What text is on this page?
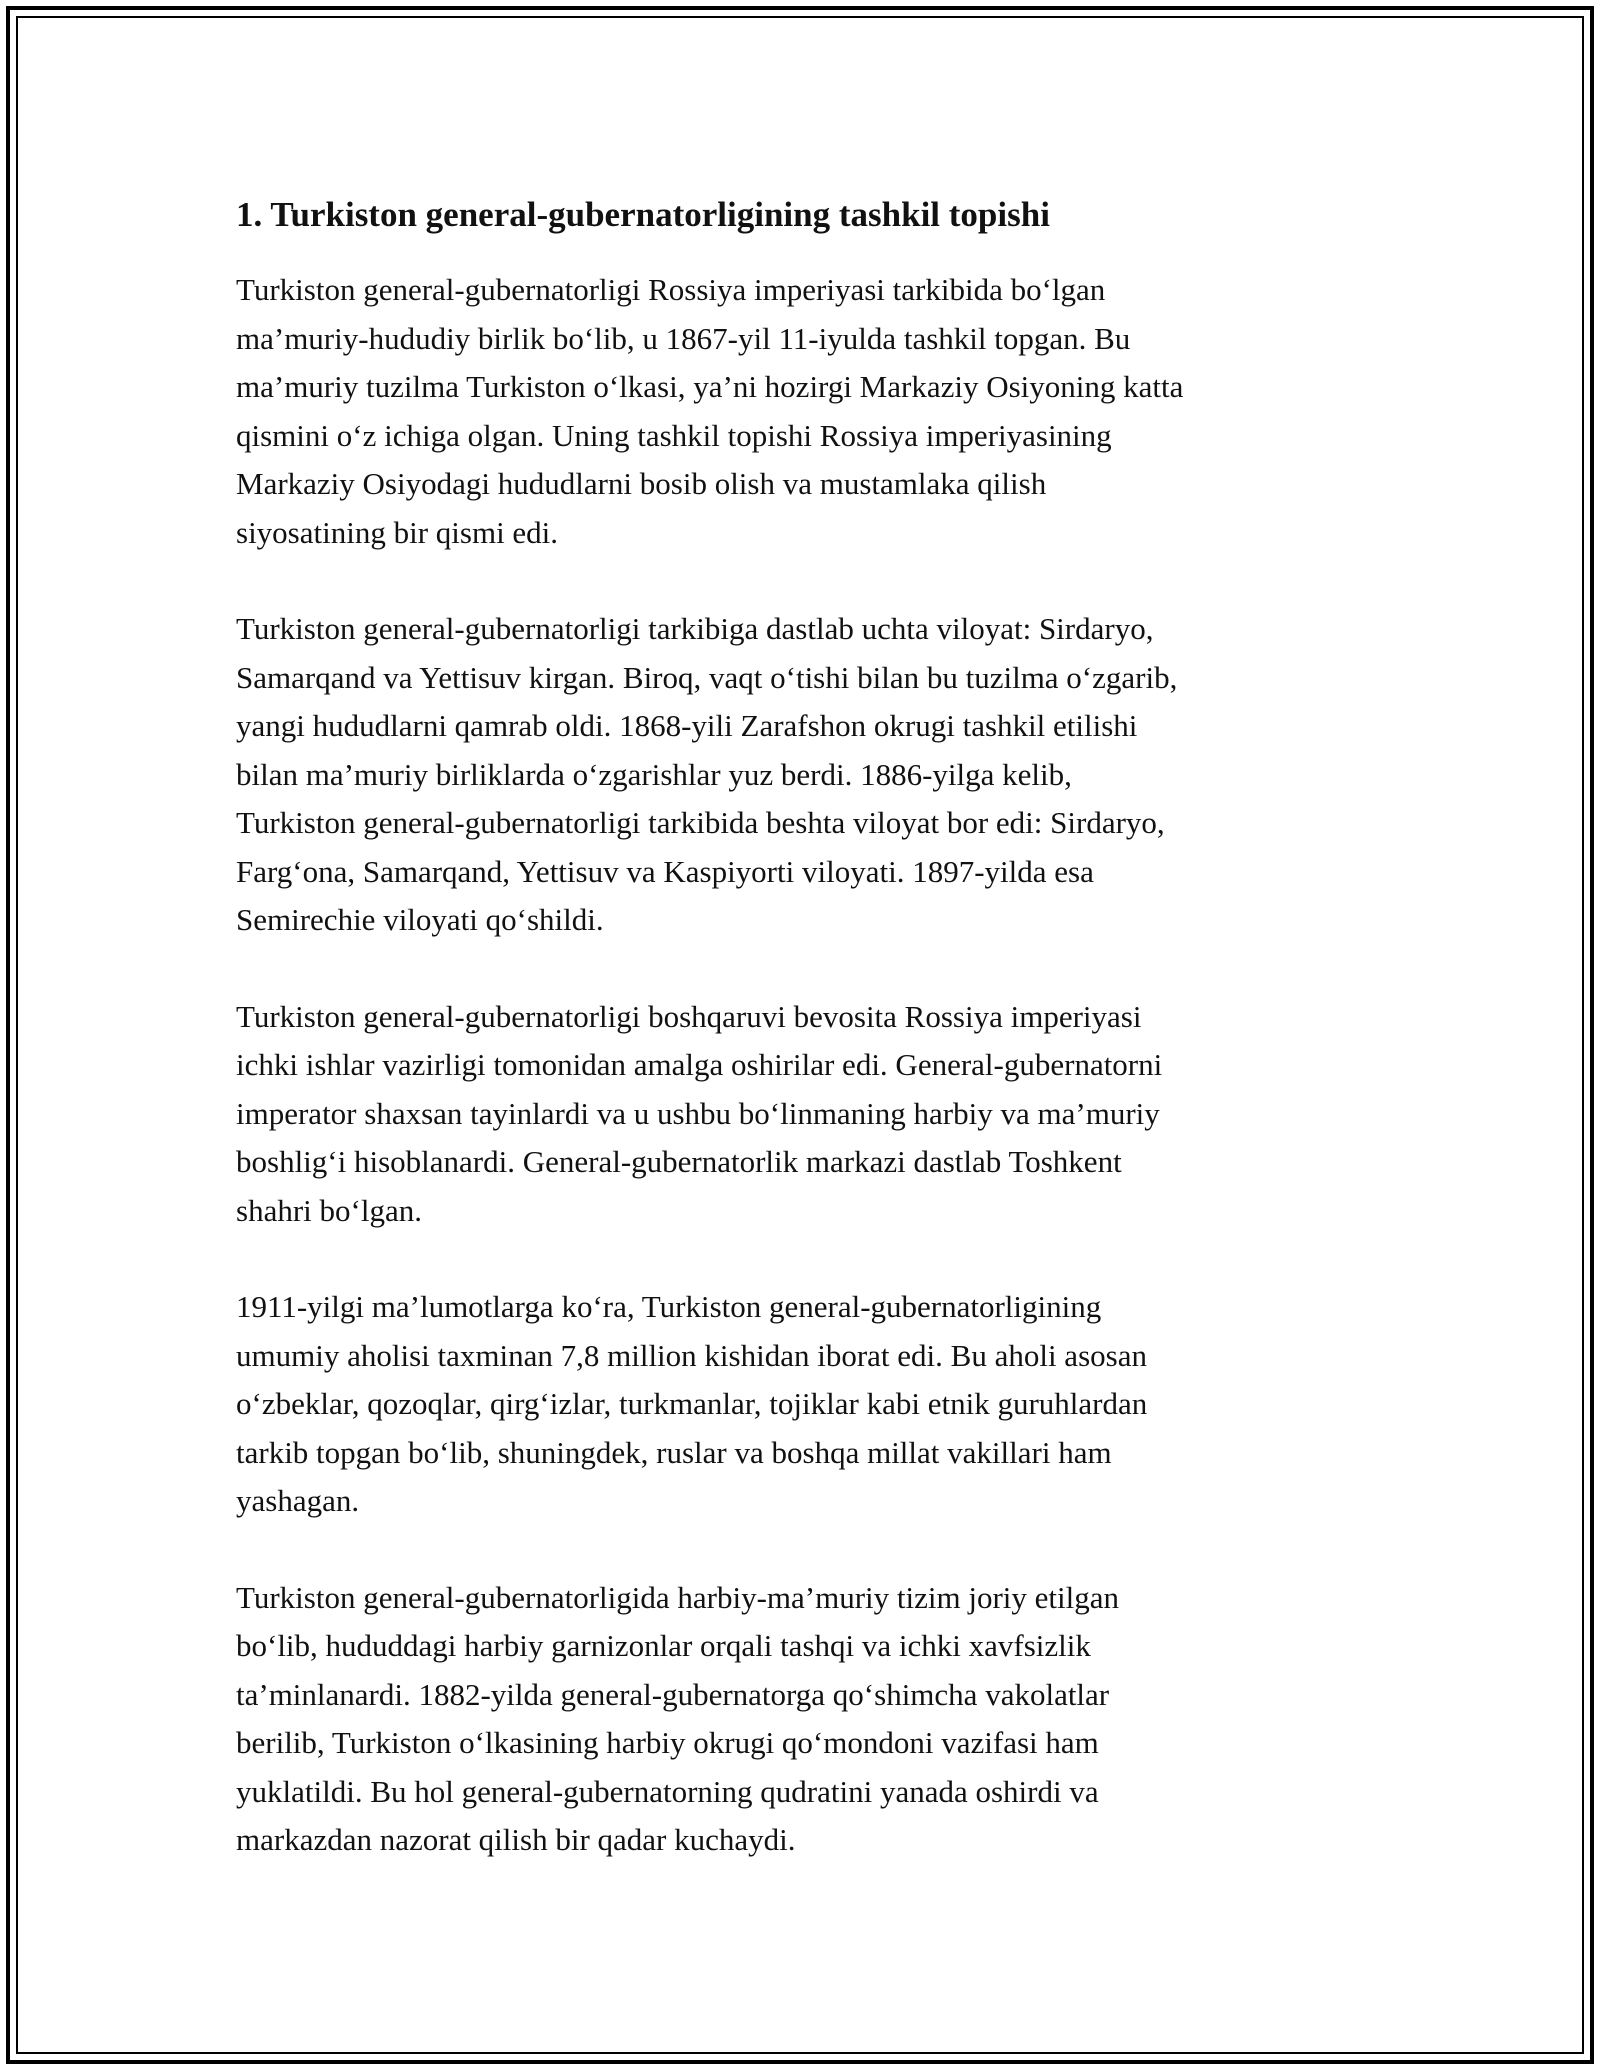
1. Turkiston general-gubernatorligining tashkil topishi

Turkiston general-gubernatorligi Rossiya imperiyasi tarkibida bo‘lgan
ma’muriy-hududiy birlik bo‘lib, u 1867-yil 11-iyulda tashkil topgan. Bu
ma’muriy tuzilma Turkiston o‘lkasi, ya’ni hozirgi Markaziy Osiyoning katta
qismini o‘z ichiga olgan. Uning tashkil topishi Rossiya imperiyasining
Markaziy Osiyodagi hududlarni bosib olish va mustamlaka qilish
siyosatining bir qismi edi.

Turkiston general-gubernatorligi tarkibiga dastlab uchta viloyat: Sirdaryo,
Samarqand va Yettisuv kirgan. Biroq, vaqt o‘tishi bilan bu tuzilma o‘zgarib,
yangi hududlarni qamrab oldi. 1868-yili Zarafshon okrugi tashkil etilishi
bilan ma’muriy birliklarda o‘zgarishlar yuz berdi. 1886-yilga kelib,
Turkiston general-gubernatorligi tarkibida beshta viloyat bor edi: Sirdaryo,
Farg‘ona, Samarqand, Yettisuv va Kaspiyorti viloyati. 1897-yilda esa
Semirechie viloyati qo‘shildi.

Turkiston general-gubernatorligi boshqaruvi bevosita Rossiya imperiyasi
ichki ishlar vazirligi tomonidan amalga oshirilar edi. General-gubernatorni
imperator shaxsan tayinlardi va u ushbu bo‘linmaning harbiy va ma’muriy
boshlig‘i hisoblanardi. General-gubernatorlik markazi dastlab Toshkent
shahri bo‘lgan.

1911-yilgi ma’lumotlarga ko‘ra, Turkiston general-gubernatorligining
umumiy aholisi taxminan 7,8 million kishidan iborat edi. Bu aholi asosan
o‘zbeklar, qozoqlar, qirg‘izlar, turkmanlar, tojiklar kabi etnik guruhlardan
tarkib topgan bo‘lib, shuningdek, ruslar va boshqa millat vakillari ham
yashagan.

Turkiston general-gubernatorligida harbiy-ma’muriy tizim joriy etilgan
bo‘lib, hududdagi harbiy garnizonlar orqali tashqi va ichki xavfsizlik
ta’minlanardi. 1882-yilda general-gubernatorga qo‘shimcha vakolatlar
berilib, Turkiston o‘lkasining harbiy okrugi qo‘mondoni vazifasi ham
yuklatildi. Bu hol general-gubernatorning qudratini yanada oshirdi va
markazdan nazorat qilish bir qadar kuchaydi.
